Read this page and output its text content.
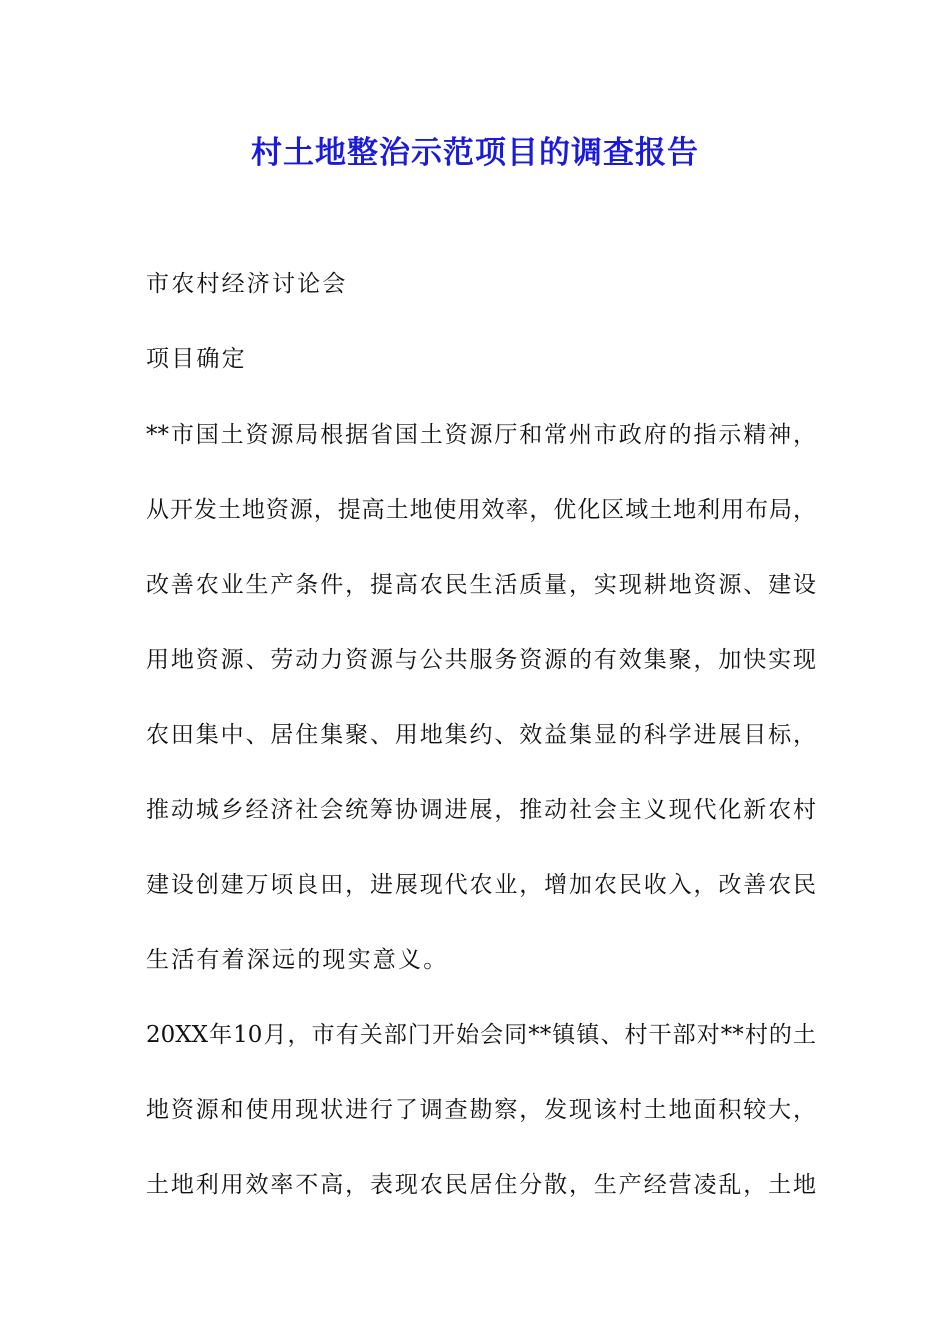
村土地整治示范项目的调查报告
市农村经济讨论会
项目确定
**市国土资源局根据省国土资源厅和常州市政府的指示精神，
从开发土地资源，提高土地使用效率，优化区域土地利用布局，
改善农业生产条件，提高农民生活质量，实现耕地资源、建设
用地资源、劳动力资源与公共服务资源的有效集聚，加快实现
农田集中、居住集聚、用地集约、效益集显的科学进展目标，
推动城乡经济社会统筹协调进展，推动社会主义现代化新农村
建设创建万顷良田，进展现代农业，增加农民收入，改善农民
生活有着深远的现实意义。
20XX年10月，市有关部门开始会同**镇镇、村干部对**村的土
地资源和使用现状进行了调查勘察，发现该村土地面积较大，
土地利用效率不高，表现农民居住分散，生产经营凌乱，土地
